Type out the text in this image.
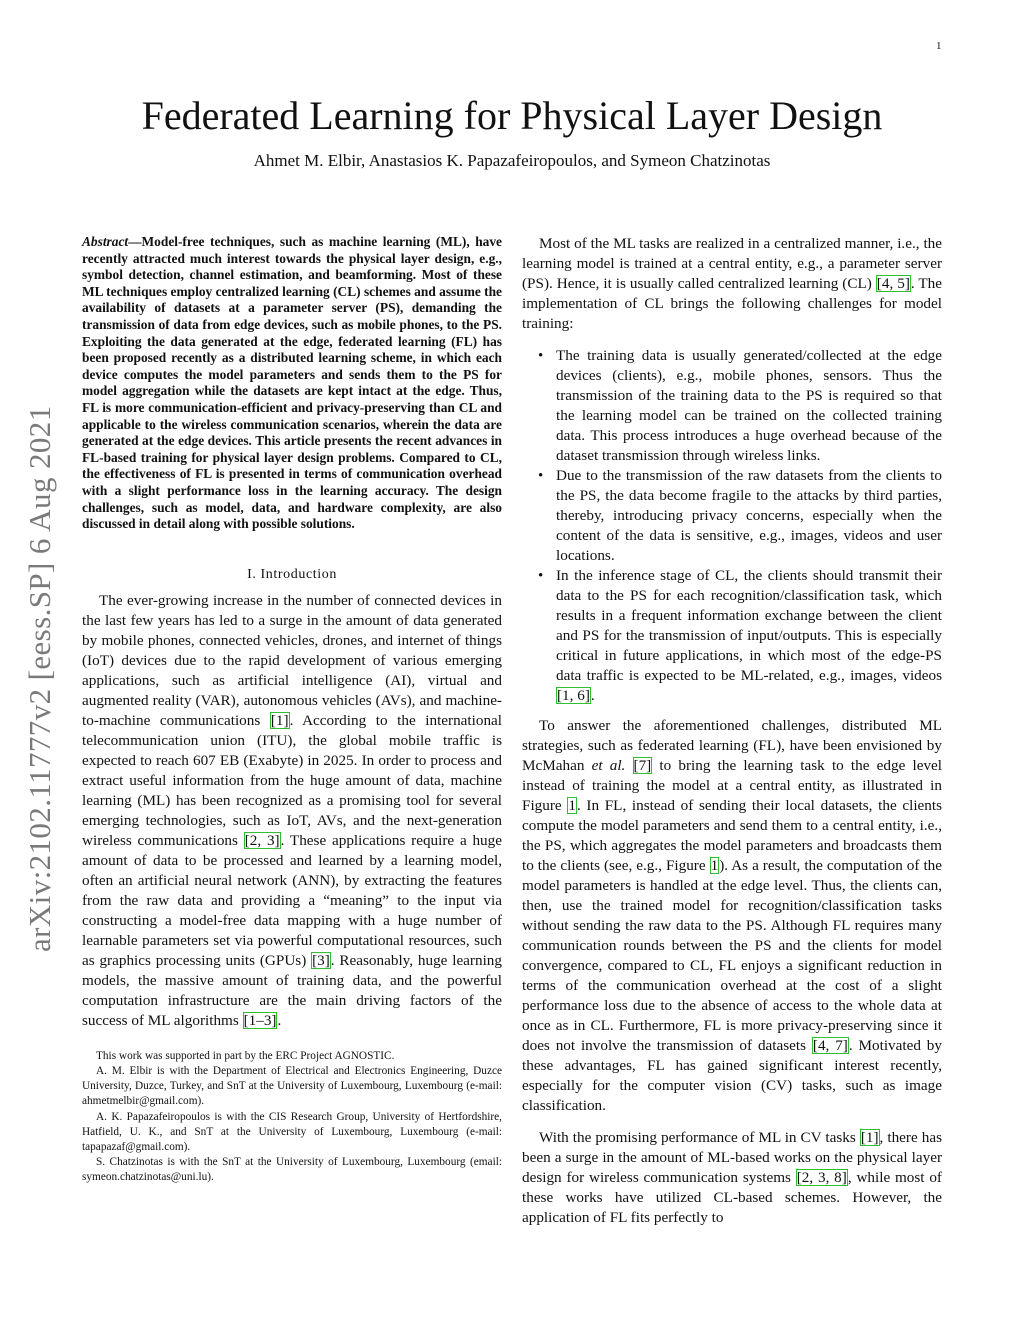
1
Federated Learning for Physical Layer Design
Ahmet M. Elbir, Anastasios K. Papazafeiropoulos, and Symeon Chatzinotas
arXiv:2102.11777v2 [eess.SP] 6 Aug 2021

Abstract—Model-free techniques, such as machine learning (ML), have recently attracted much interest towards the physical layer design, e.g., symbol detection, channel estimation, and beamforming. Most of these ML techniques employ centralized learning (CL) schemes and assume the availability of datasets at a parameter server (PS), demanding the transmission of data from edge devices, such as mobile phones, to the PS. Exploiting the data generated at the edge, federated learning (FL) has been proposed recently as a distributed learning scheme, in which each device computes the model parameters and sends them to the PS for model aggregation while the datasets are kept intact at the edge. Thus, FL is more communication-efficient and privacy-preserving than CL and applicable to the wireless communication scenarios, wherein the data are generated at the edge devices. This article presents the recent advances in FL-based training for physical layer design problems. Compared to CL, the effectiveness of FL is presented in terms of communication overhead with a slight performance loss in the learning accuracy. The design challenges, such as model, data, and hardware complexity, are also discussed in detail along with possible solutions.

I. Introduction

The ever-growing increase in the number of connected devices in the last few years has led to a surge in the amount of data generated by mobile phones, connected vehicles, drones, and internet of things (IoT) devices due to the rapid development of various emerging applications, such as artificial intelligence (AI), virtual and augmented reality (VAR), autonomous vehicles (AVs), and machine-to-machine communications [1]. According to the international telecommunication union (ITU), the global mobile traffic is expected to reach 607 EB (Exabyte) in 2025. In order to process and extract useful information from the huge amount of data, machine learning (ML) has been recognized as a promising tool for several emerging technologies, such as IoT, AVs, and the next-generation wireless communications [2, 3]. These applications require a huge amount of data to be processed and learned by a learning model, often an artificial neural network (ANN), by extracting the features from the raw data and providing a “meaning” to the input via constructing a model-free data mapping with a huge number of learnable parameters set via powerful computational resources, such as graphics processing units (GPUs) [3]. Reasonably, huge learning models, the massive amount of training data, and the powerful computation infrastructure are the main driving factors of the success of ML algorithms [1–3].

This work was supported in part by the ERC Project AGNOSTIC.

A. M. Elbir is with the Department of Electrical and Electronics Engineering, Duzce University, Duzce, Turkey, and SnT at the University of Luxembourg, Luxembourg (e-mail: ahmetmelbir@gmail.com).

A. K. Papazafeiropoulos is with the CIS Research Group, University of Hertfordshire, Hatfield, U. K., and SnT at the University of Luxembourg, Luxembourg (e-mail: tapapazaf@gmail.com).

S. Chatzinotas is with the SnT at the University of Luxembourg, Luxembourg (email: symeon.chatzinotas@uni.lu).

Most of the ML tasks are realized in a centralized manner, i.e., the learning model is trained at a central entity, e.g., a parameter server (PS). Hence, it is usually called centralized learning (CL) [4, 5]. The implementation of CL brings the following challenges for model training:

• The training data is usually generated/collected at the edge devices (clients), e.g., mobile phones, sensors. Thus the transmission of the training data to the PS is required so that the learning model can be trained on the collected training data. This process introduces a huge overhead because of the dataset transmission through wireless links.
• Due to the transmission of the raw datasets from the clients to the PS, the data become fragile to the attacks by third parties, thereby, introducing privacy concerns, especially when the content of the data is sensitive, e.g., images, videos and user locations.
• In the inference stage of CL, the clients should transmit their data to the PS for each recognition/classification task, which results in a frequent information exchange between the client and PS for the transmission of input/outputs. This is especially critical in future applications, in which most of the edge-PS data traffic is expected to be ML-related, e.g., images, videos [1, 6].

To answer the aforementioned challenges, distributed ML strategies, such as federated learning (FL), have been envisioned by McMahan et al. [7] to bring the learning task to the edge level instead of training the model at a central entity, as illustrated in Figure 1. In FL, instead of sending their local datasets, the clients compute the model parameters and send them to a central entity, i.e., the PS, which aggregates the model parameters and broadcasts them to the clients (see, e.g., Figure 1). As a result, the computation of the model parameters is handled at the edge level. Thus, the clients can, then, use the trained model for recognition/classification tasks without sending the raw data to the PS. Although FL requires many communication rounds between the PS and the clients for model convergence, compared to CL, FL enjoys a significant reduction in terms of the communication overhead at the cost of a slight performance loss due to the absence of access to the whole data at once as in CL. Furthermore, FL is more privacy-preserving since it does not involve the transmission of datasets [4, 7]. Motivated by these advantages, FL has gained significant interest recently, especially for the computer vision (CV) tasks, such as image classification.

With the promising performance of ML in CV tasks [1], there has been a surge in the amount of ML-based works on the physical layer design for wireless communication systems [2, 3, 8], while most of these works have utilized CL-based schemes. However, the application of FL fits perfectly to
